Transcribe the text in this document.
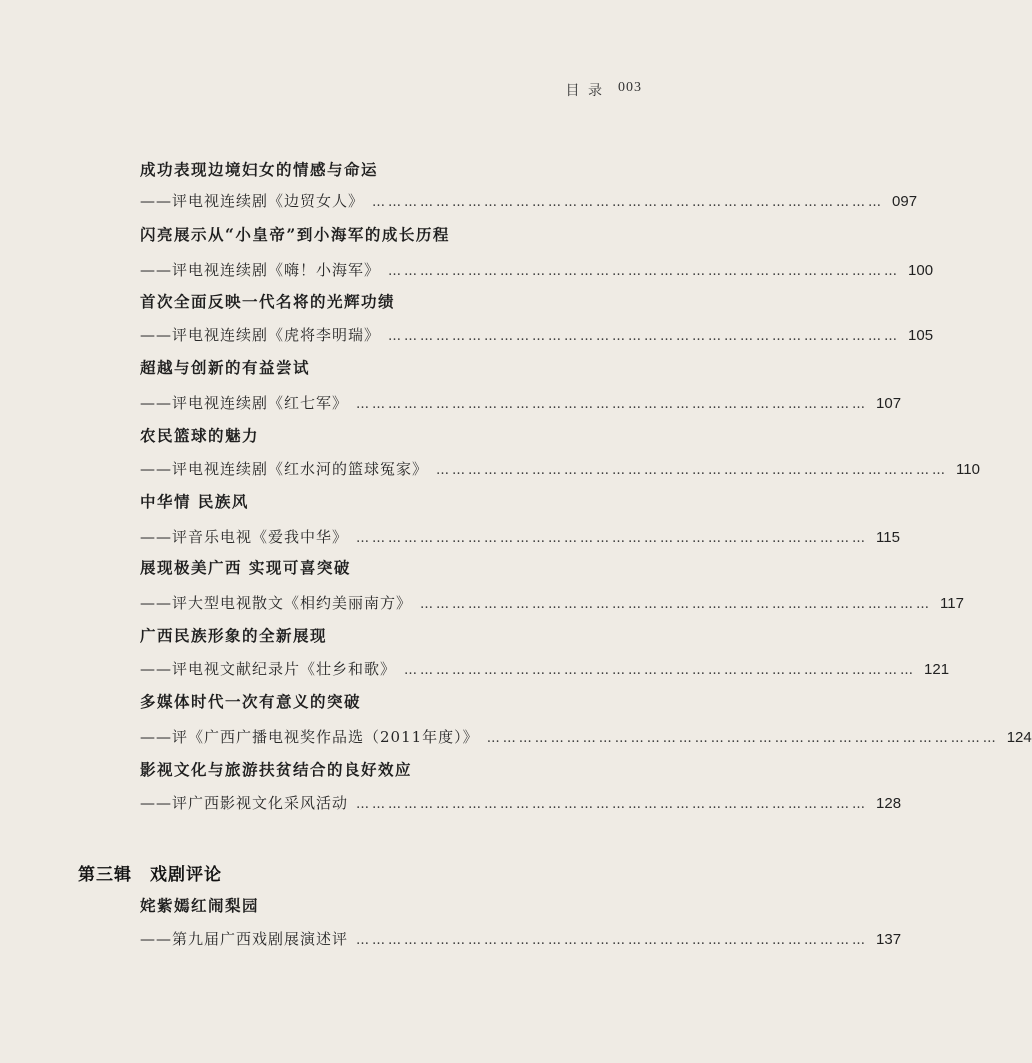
目 录 003
成功表现边境妇女的情感与命运
——评电视连续剧《边贸女人》 …………………………………………………………………………………… 097
闪亮展示从“小皇帝”到小海军的成长历程
——评电视连续剧《嗨！小海军》 …………………………………………………………………………………… 100
首次全面反映一代名将的光辉功绩
——评电视连续剧《虎将李明瑞》 …………………………………………………………………………………… 105
超越与创新的有益尝试
——评电视连续剧《红七军》 …………………………………………………………………………………… 107
农民篮球的魅力
——评电视连续剧《红水河的篮球冤家》 …………………………………………………………………………………… 110
中华情 民族风
——评音乐电视《爱我中华》 …………………………………………………………………………………… 115
展现极美广西 实现可喜突破
——评大型电视散文《相约美丽南方》 …………………………………………………………………………………… 117
广西民族形象的全新展现
——评电视文献纪录片《壮乡和歌》 …………………………………………………………………………………… 121
多媒体时代一次有意义的突破
——评《广西广播电视奖作品选（2011年度）》 …………………………………………………………………………………… 124
影视文化与旅游扶贫结合的良好效应
——评广西影视文化采风活动 …………………………………………………………………………………… 128
第三辑 戏剧评论
姹紫嫣红闹梨园
——第九届广西戏剧展演述评 …………………………………………………………………………………… 137
